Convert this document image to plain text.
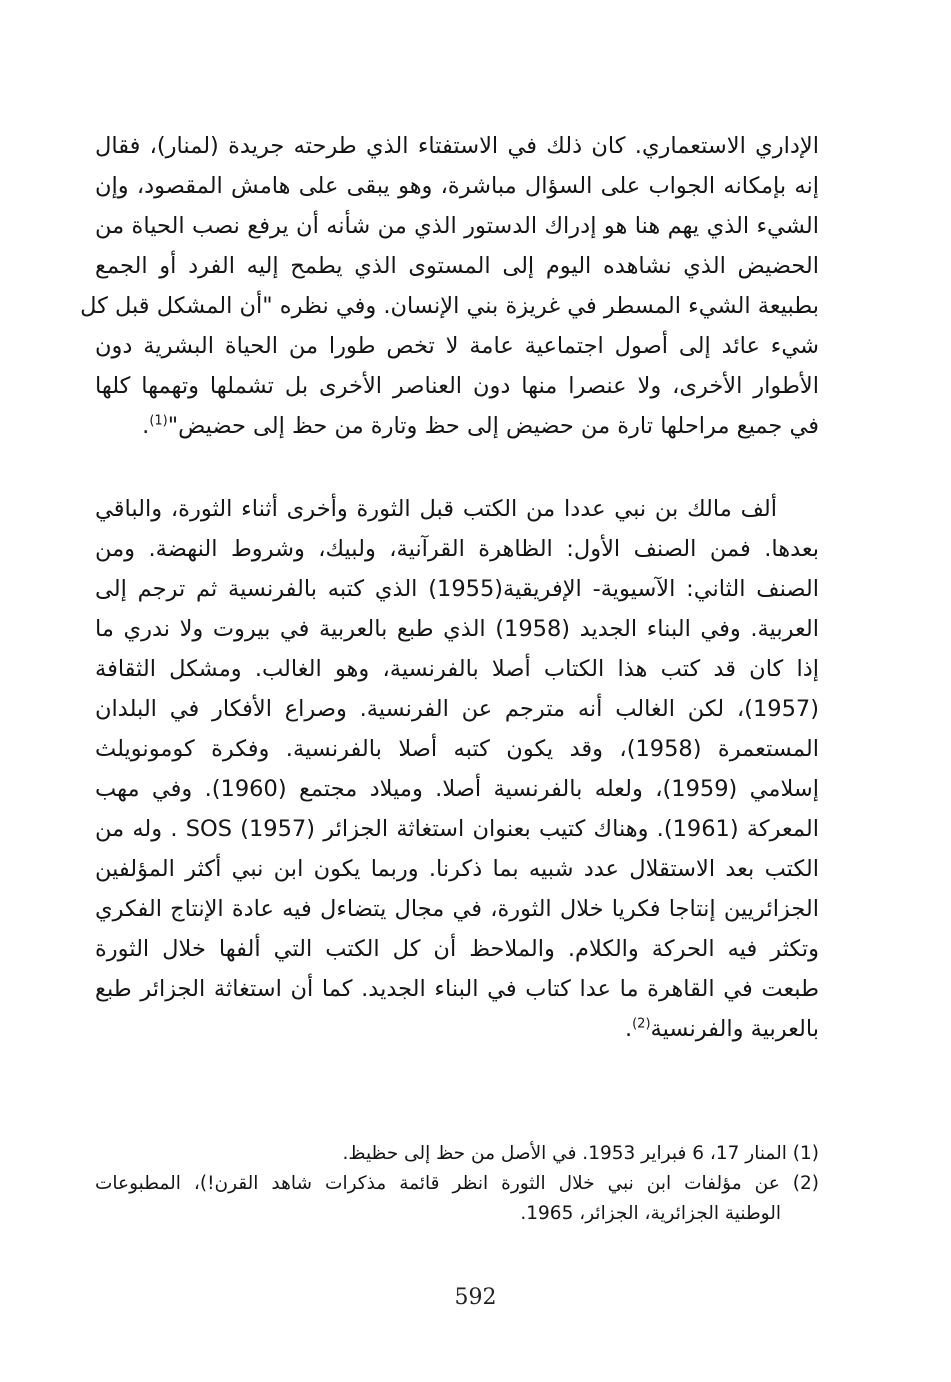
الإداري الاستعماري. كان ذلك في الاستفتاء الذي طرحته جريدة (لمنار)، فقال
إنه بإمكانه الجواب على السؤال مباشرة، وهو يبقى على هامش المقصود، وإن
الشيء الذي يهم هنا هو إدراك الدستور الذي من شأنه أن يرفع نصب الحياة من
الحضيض الذي نشاهده اليوم إلى المستوى الذي يطمح إليه الفرد أو الجمع
بطبيعة الشيء المسطر في غريزة بني الإنسان. وفي نظره "أن المشكل قبل كل
شيء عائد إلى أصول اجتماعية عامة لا تخص طورا من الحياة البشرية دون
الأطوار الأخرى، ولا عنصرا منها دون العناصر الأخرى بل تشملها وتهمها كلها
في جميع مراحلها تارة من حضيض إلى حظ وتارة من حظ إلى حضيض"$^{(1)}$.
ألف مالك بن نبي عددا من الكتب قبل الثورة وأخرى أثناء الثورة، والباقي
بعدها. فمن الصنف الأول: الظاهرة القرآنية، ولبيك، وشروط النهضة. ومن
الصنف الثاني: الآسيوية- الإفريقية(1955) الذي كتبه بالفرنسية ثم ترجم إلى
العربية. وفي البناء الجديد (1958) الذي طبع بالعربية في بيروت ولا ندري ما
إذا كان قد كتب هذا الكتاب أصلا بالفرنسية، وهو الغالب. ومشكل الثقافة
(1957)، لكن الغالب أنه مترجم عن الفرنسية. وصراع الأفكار في البلدان
المستعمرة (1958)، وقد يكون كتبه أصلا بالفرنسية. وفكرة كومونويلث
إسلامي (1959)، ولعله بالفرنسية أصلا. وميلاد مجتمع (1960). وفي مهب
المعركة (1961). وهناك كتيب بعنوان استغاثة الجزائر SOS (1957) . وله من
الكتب بعد الاستقلال عدد شبيه بما ذكرنا. وربما يكون ابن نبي أكثر المؤلفين
الجزائريين إنتاجا فكريا خلال الثورة، في مجال يتضاءل فيه عادة الإنتاج الفكري
وتكثر فيه الحركة والكلام. والملاحظ أن كل الكتب التي ألفها خلال الثورة
طبعت في القاهرة ما عدا كتاب في البناء الجديد. كما أن استغاثة الجزائر طبع
بالعربية والفرنسية$^{(2)}$.
(1) المنار 17، 6 فبراير 1953. في الأصل من حظ إلى حظيظ.
(2) عن مؤلفات ابن نبي خلال الثورة انظر قائمة مذكرات شاهد القرن!)، المطبوعات
الوطنية الجزائرية، الجزائر، 1965.
592
